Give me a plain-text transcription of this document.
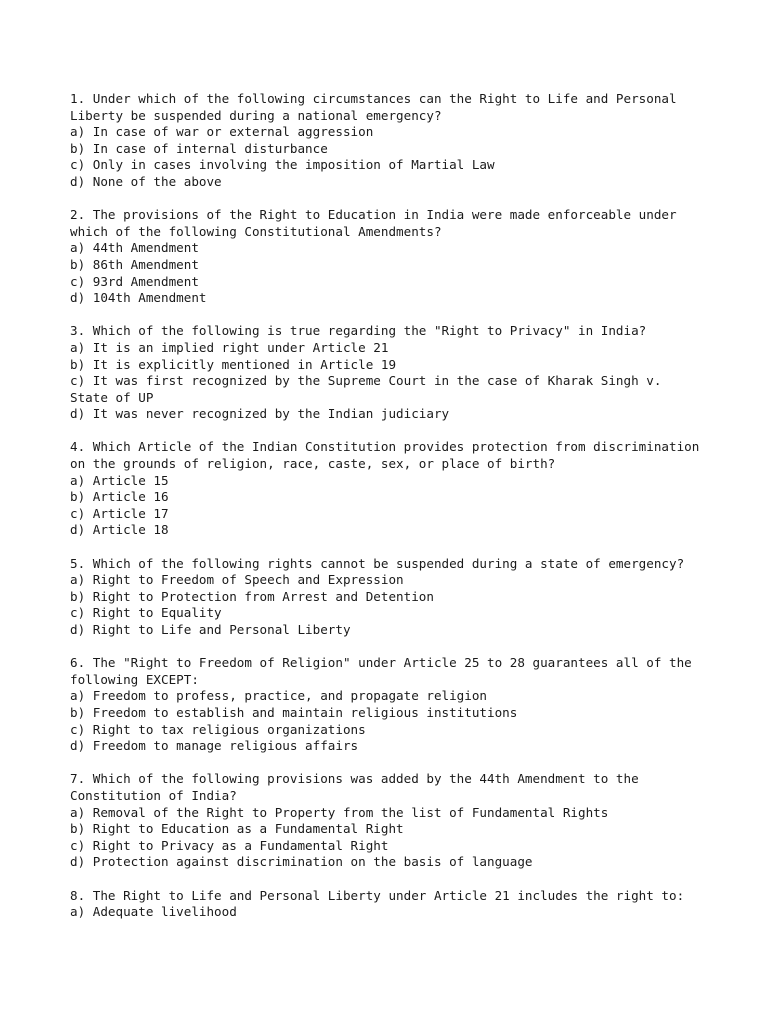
1. Under which of the following circumstances can the Right to Life and Personal
Liberty be suspended during a national emergency?
a) In case of war or external aggression
b) In case of internal disturbance
c) Only in cases involving the imposition of Martial Law
d) None of the above
2. The provisions of the Right to Education in India were made enforceable under
which of the following Constitutional Amendments?
a) 44th Amendment
b) 86th Amendment
c) 93rd Amendment
d) 104th Amendment
3. Which of the following is true regarding the "Right to Privacy" in India?
a) It is an implied right under Article 21
b) It is explicitly mentioned in Article 19
c) It was first recognized by the Supreme Court in the case of Kharak Singh v.
State of UP
d) It was never recognized by the Indian judiciary
4. Which Article of the Indian Constitution provides protection from discrimination
on the grounds of religion, race, caste, sex, or place of birth?
a) Article 15
b) Article 16
c) Article 17
d) Article 18
5. Which of the following rights cannot be suspended during a state of emergency?
a) Right to Freedom of Speech and Expression
b) Right to Protection from Arrest and Detention
c) Right to Equality
d) Right to Life and Personal Liberty
6. The "Right to Freedom of Religion" under Article 25 to 28 guarantees all of the
following EXCEPT:
a) Freedom to profess, practice, and propagate religion
b) Freedom to establish and maintain religious institutions
c) Right to tax religious organizations
d) Freedom to manage religious affairs
7. Which of the following provisions was added by the 44th Amendment to the
Constitution of India?
a) Removal of the Right to Property from the list of Fundamental Rights
b) Right to Education as a Fundamental Right
c) Right to Privacy as a Fundamental Right
d) Protection against discrimination on the basis of language
8. The Right to Life and Personal Liberty under Article 21 includes the right to:
a) Adequate livelihood
